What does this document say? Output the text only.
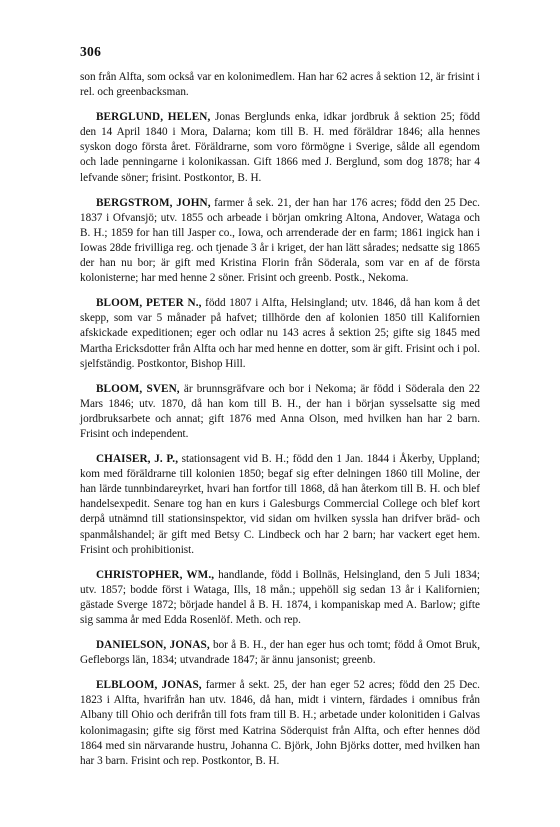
306

son från Alfta, som också var en kolonimedlem. Han har 62 acres å sektion 12, är frisint i rel. och greenbacksman.

BERGLUND, HELEN, Jonas Berglunds enka, idkar jordbruk å sektion 25; född den 14 April 1840 i Mora, Dalarna; kom till B. H. med föräldrar 1846; alla hennes syskon dogo första året. Föräldrarne, som voro förmögne i Sverige, sålde all egendom och lade penningarne i kolonikassan. Gift 1866 med J. Berglund, som dog 1878; har 4 lefvande söner; frisint. Postkontor, B. H.

BERGSTROM, JOHN, farmer å sek. 21, der han har 176 acres; född den 25 Dec. 1837 i Ofvansjö; utv. 1855 och arbeade i början omkring Altona, Andover, Wataga och B. H.; 1859 for han till Jasper co., Iowa, och arrenderade der en farm; 1861 ingick han i Iowas 28de frivilliga reg. och tjenade 3 år i kriget, der han lätt sårades; nedsatte sig 1865 der han nu bor; är gift med Kristina Florin från Söderala, som var en af de första kolonisterne; har med henne 2 söner. Frisint och greenb. Postk., Nekoma.

BLOOM, PETER N., född 1807 i Alfta, Helsingland; utv. 1846, då han kom å det skepp, som var 5 månader på hafvet; tillhörde den af kolonien 1850 till Kalifornien afskickade expeditionen; eger och odlar nu 143 acres å sektion 25; gifte sig 1845 med Martha Ericksdotter från Alfta och har med henne en dotter, som är gift. Frisint och i pol. sjelfständig. Postkontor, Bishop Hill.

BLOOM, SVEN, är brunnsgräfvare och bor i Nekoma; är född i Söderala den 22 Mars 1846; utv. 1870, då han kom till B. H., der han i början sysselsatte sig med jordbruksarbete och annat; gift 1876 med Anna Olson, med hvilken han har 2 barn. Frisint och independent.

CHAISER, J. P., stationsagent vid B. H.; född den 1 Jan. 1844 i Åkerby, Uppland; kom med föräldrarne till kolonien 1850; begaf sig efter delningen 1860 till Moline, der han lärde tunnbindareyrket, hvari han fortfor till 1868, då han återkom till B. H. och blef handelsexpedit. Senare tog han en kurs i Galesburgs Commercial College och blef kort derpå utnämnd till stationsinspektor, vid sidan om hvilken syssla han drifver bräd- och spanmålshandel; är gift med Betsy C. Lindbeck och har 2 barn; har vackert eget hem. Frisint och prohibitionist.

CHRISTOPHER, WM., handlande, född i Bollnäs, Helsingland, den 5 Juli 1834; utv. 1857; bodde först i Wataga, Ills, 18 mån.; uppehöll sig sedan 13 år i Kalifornien; gästade Sverge 1872; började handel å B. H. 1874, i kompaniskap med A. Barlow; gifte sig samma år med Edda Rosenlöf. Meth. och rep.

DANIELSON, JONAS, bor å B. H., der han eger hus och tomt; född å Omot Bruk, Gefleborgs län, 1834; utvandrade 1847; är ännu jansonist; greenb.

ELBLOOM, JONAS, farmer å sekt. 25, der han eger 52 acres; född den 25 Dec. 1823 i Alfta, hvarifrån han utv. 1846, då han, midt i vintern, färdades i omnibus från Albany till Ohio och derifrån till fots fram till B. H.; arbetade under kolonitiden i Galvas kolonimagasin; gifte sig först med Katrina Söderquist från Alfta, och efter hennes död 1864 med sin närvarande hustru, Johanna C. Björk, John Björks dotter, med hvilken han har 3 barn. Frisint och rep. Postkontor, B. H.
